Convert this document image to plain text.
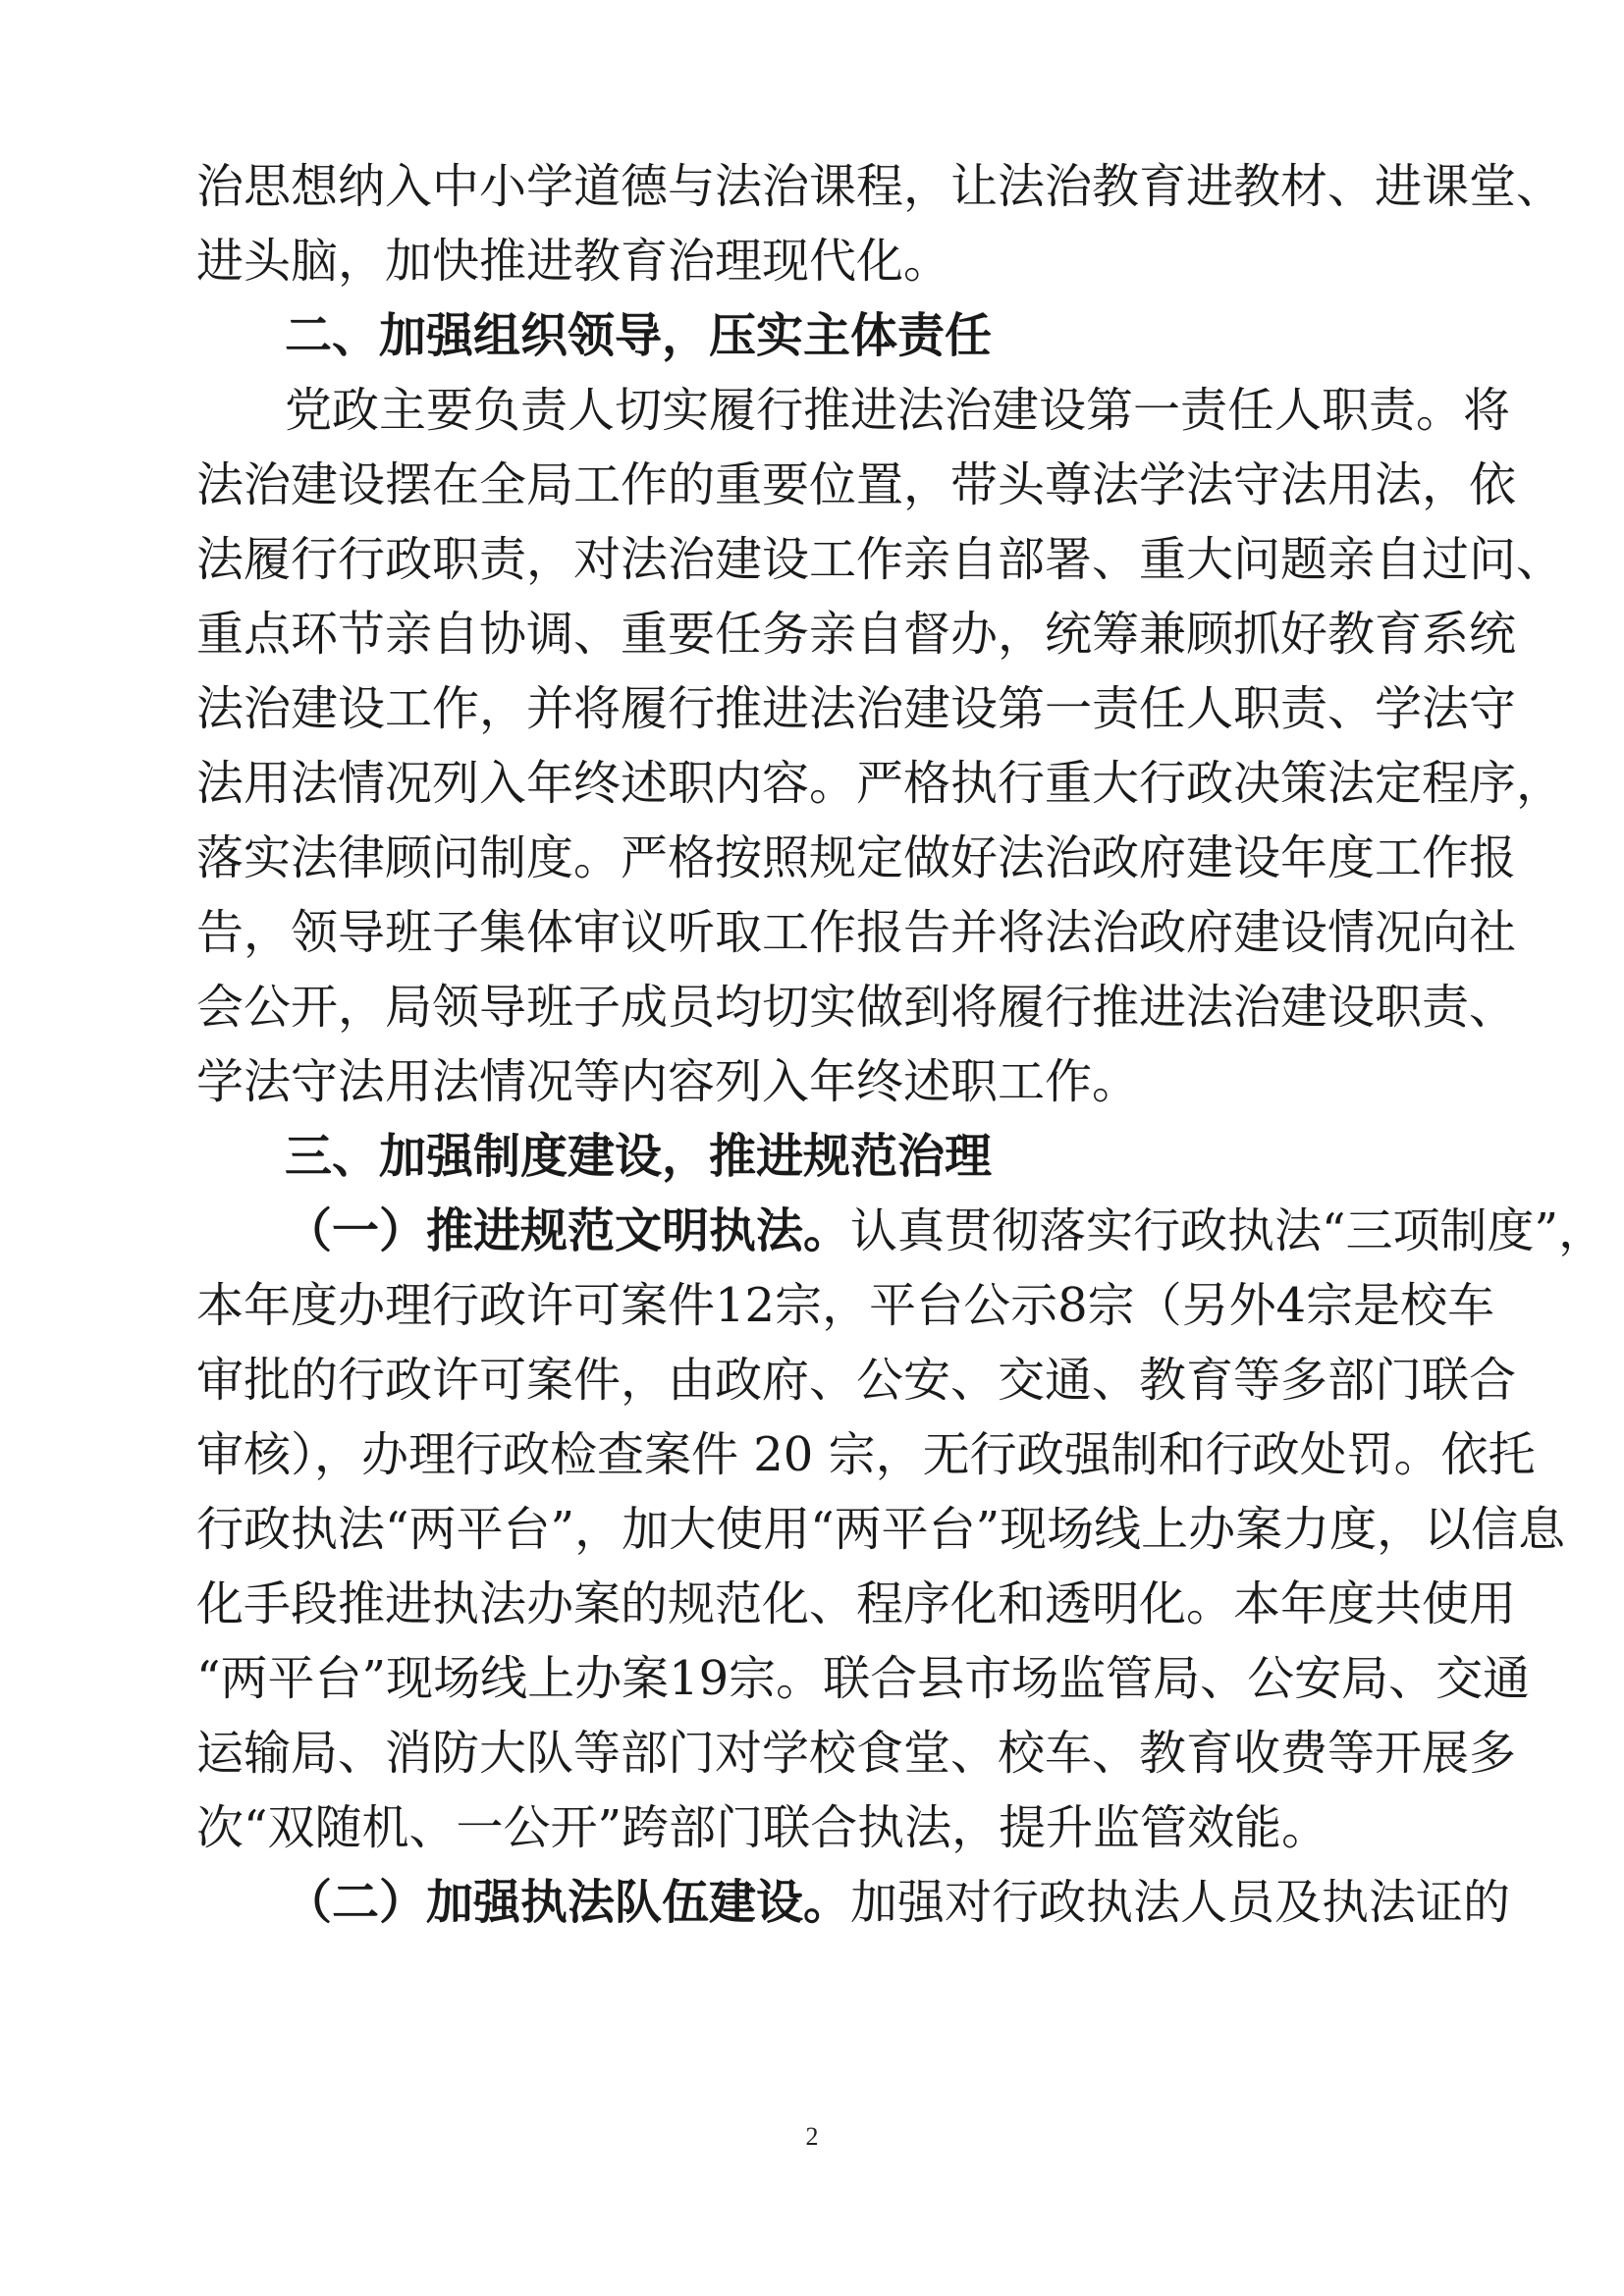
治思想纳入中小学道德与法治课程，让法治教育进教材、进课堂、
进头脑，加快推进教育治理现代化。
二、加强组织领导，压实主体责任
党政主要负责人切实履行推进法治建设第一责任人职责。将
法治建设摆在全局工作的重要位置，带头尊法学法守法用法，依
法履行行政职责，对法治建设工作亲自部署、重大问题亲自过问、
重点环节亲自协调、重要任务亲自督办，统筹兼顾抓好教育系统
法治建设工作，并将履行推进法治建设第一责任人职责、学法守
法用法情况列入年终述职内容。严格执行重大行政决策法定程序，
落实法律顾问制度。严格按照规定做好法治政府建设年度工作报
告，领导班子集体审议听取工作报告并将法治政府建设情况向社
会公开，局领导班子成员均切实做到将履行推进法治建设职责、
学法守法用法情况等内容列入年终述职工作。
三、加强制度建设，推进规范治理
（一）推进规范文明执法。认真贯彻落实行政执法“三项制度”，
本年度办理行政许可案件12宗，平台公示8宗（另外4宗是校车
审批的行政许可案件，由政府、公安、交通、教育等多部门联合
审核），办理行政检查案件 20 宗，无行政强制和行政处罚。依托
行政执法“两平台”，加大使用“两平台”现场线上办案力度，以信息
化手段推进执法办案的规范化、程序化和透明化。本年度共使用
“两平台”现场线上办案19宗。联合县市场监管局、公安局、交通
运输局、消防大队等部门对学校食堂、校车、教育收费等开展多
次“双随机、一公开”跨部门联合执法，提升监管效能。
（二）加强执法队伍建设。加强对行政执法人员及执法证的
2
